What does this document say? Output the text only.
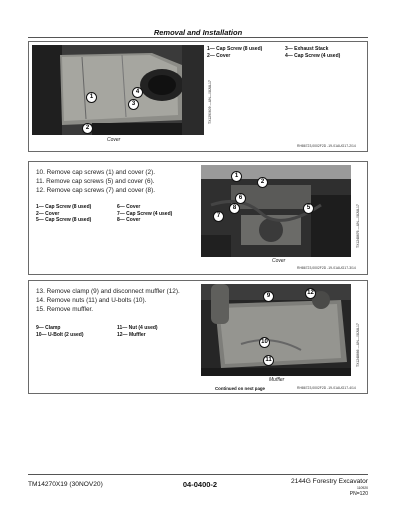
Removal and Installation
1
2
3
4
Cover
TX1290609 —UN—08JUL17
1— Cap Screw (8 used)
2— Cover
3— Exhaust Stack
4— Cap Screw (4 used)
RH86723,0002F2D -19-01AUG17-2/14
10. Remove cap screws (1) and cover (2).
11. Remove cap screws (5) and cover (6).
12. Remove cap screws (7) and cover (8).
1— Cap Screw (8 used)
2— Cover
5— Cap Screw (8 used)
6— Cover
7— Cap Screw (4 used)
8— Cover
1
2
6
5
8
7
Cover
TX1248676 —UN—08JUL17
RH86723,0002F2D -19-01AUG17-3/14
13. Remove clamp (9) and disconnect muffler (12).
14. Remove nuts (11) and U-bolts (10).
15. Remove muffler.
9— Clamp
10— U-Bolt (2 used)
11— Nut (4 used)
12— Muffler
9	12
10
11
Muffler
TX1248666 —UN—08JUL17
Continued on next page	RH86723,0002F2D -19-01AUG17-4/14
TM14270X19 (30NOV20)	04-0400-2	2144G Forestry Excavator
110920
PN=120
